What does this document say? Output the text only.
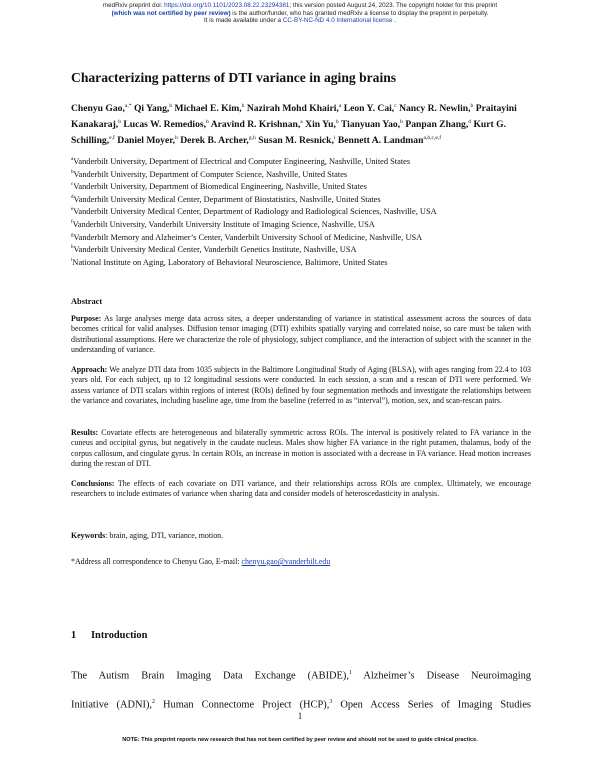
medRxiv preprint doi: https://doi.org/10.1101/2023.08.22.23294381; this version posted August 24, 2023. The copyright holder for this preprint
(which was not certified by peer review) is the author/funder, who has granted medRxiv a license to display the preprint in perpetuity.
It is made available under a CC-BY-NC-ND 4.0 International license .
Characterizing patterns of DTI variance in aging brains
Chenyu Gao,$^{a,*}$ Qi Yang,$^b$ Michael E. Kim,$^b$ Nazirah Mohd Khairi,$^a$ Leon Y. Cai,$^c$ Nancy R. Newlin,$^b$ Praitayini Kanakaraj,$^b$ Lucas W. Remedios,$^b$ Aravind R. Krishnan,$^a$ Xin Yu,$^b$ Tianyuan Yao,$^b$ Panpan Zhang,$^d$ Kurt G. Schilling,$^{e,f}$ Daniel Moyer,$^b$ Derek B. Archer,$^{g,h}$ Susan M. Resnick,$^i$ Bennett A. Landman$^{a,b,c,e,f}$
$^a$Vanderbilt University, Department of Electrical and Computer Engineering, Nashville, United States
$^b$Vanderbilt University, Department of Computer Science, Nashville, United States
$^c$Vanderbilt University, Department of Biomedical Engineering, Nashville, United States
$^d$Vanderbilt University Medical Center, Department of Biostatistics, Nashville, United States
$^e$Vanderbilt University Medical Center, Department of Radiology and Radiological Sciences, Nashville, USA
$^f$Vanderbilt University, Vanderbilt University Institute of Imaging Science, Nashville, USA
$^g$Vanderbilt Memory and Alzheimer’s Center, Vanderbilt University School of Medicine, Nashville, USA
$^h$Vanderbilt University Medical Center, Vanderbilt Genetics Institute, Nashville, USA
$^i$National Institute on Aging, Laboratory of Behavioral Neuroscience, Baltimore, United States
Abstract
Purpose: As large analyses merge data across sites, a deeper understanding of variance in statistical assessment across the sources of data becomes critical for valid analyses. Diffusion tensor imaging (DTI) exhibits spatially varying and correlated noise, so care must be taken with distributional assumptions. Here we characterize the role of physiology, subject compliance, and the interaction of subject with the scanner in the understanding of variance.
Approach: We analyze DTI data from 1035 subjects in the Baltimore Longitudinal Study of Aging (BLSA), with ages ranging from 22.4 to 103 years old. For each subject, up to 12 longitudinal sessions were conducted. In each session, a scan and a rescan of DTI were performed. We assess variance of DTI scalars within regions of interest (ROIs) defined by four segmentation methods and investigate the relationships between the variance and covariates, including baseline age, time from the baseline (referred to as “interval”), motion, sex, and scan-rescan pairs.
Results: Covariate effects are heterogeneous and bilaterally symmetric across ROIs. The interval is positively related to FA variance in the cuneus and occipital gyrus, but negatively in the caudate nucleus. Males show higher FA variance in the right putamen, thalamus, body of the corpus callosum, and cingulate gyrus. In certain ROIs, an increase in motion is associated with a decrease in FA variance. Head motion increases during the rescan of DTI.
Conclusions: The effects of each covariate on DTI variance, and their relationships across ROIs are complex. Ultimately, we encourage researchers to include estimates of variance when sharing data and consider models of heteroscedasticity in analysis.
Keywords: brain, aging, DTI, variance, motion.
*Address all correspondence to Chenyu Gao, E-mail: chenyu.gao@vanderbilt.edu
1 Introduction
The Autism Brain Imaging Data Exchange (ABIDE),$^1$ Alzheimer’s Disease Neuroimaging
Initiative (ADNI),$^2$ Human Connectome Project (HCP),$^3$ Open Access Series of Imaging Studies
1
NOTE: This preprint reports new research that has not been certified by peer review and should not be used to guide clinical practice.
